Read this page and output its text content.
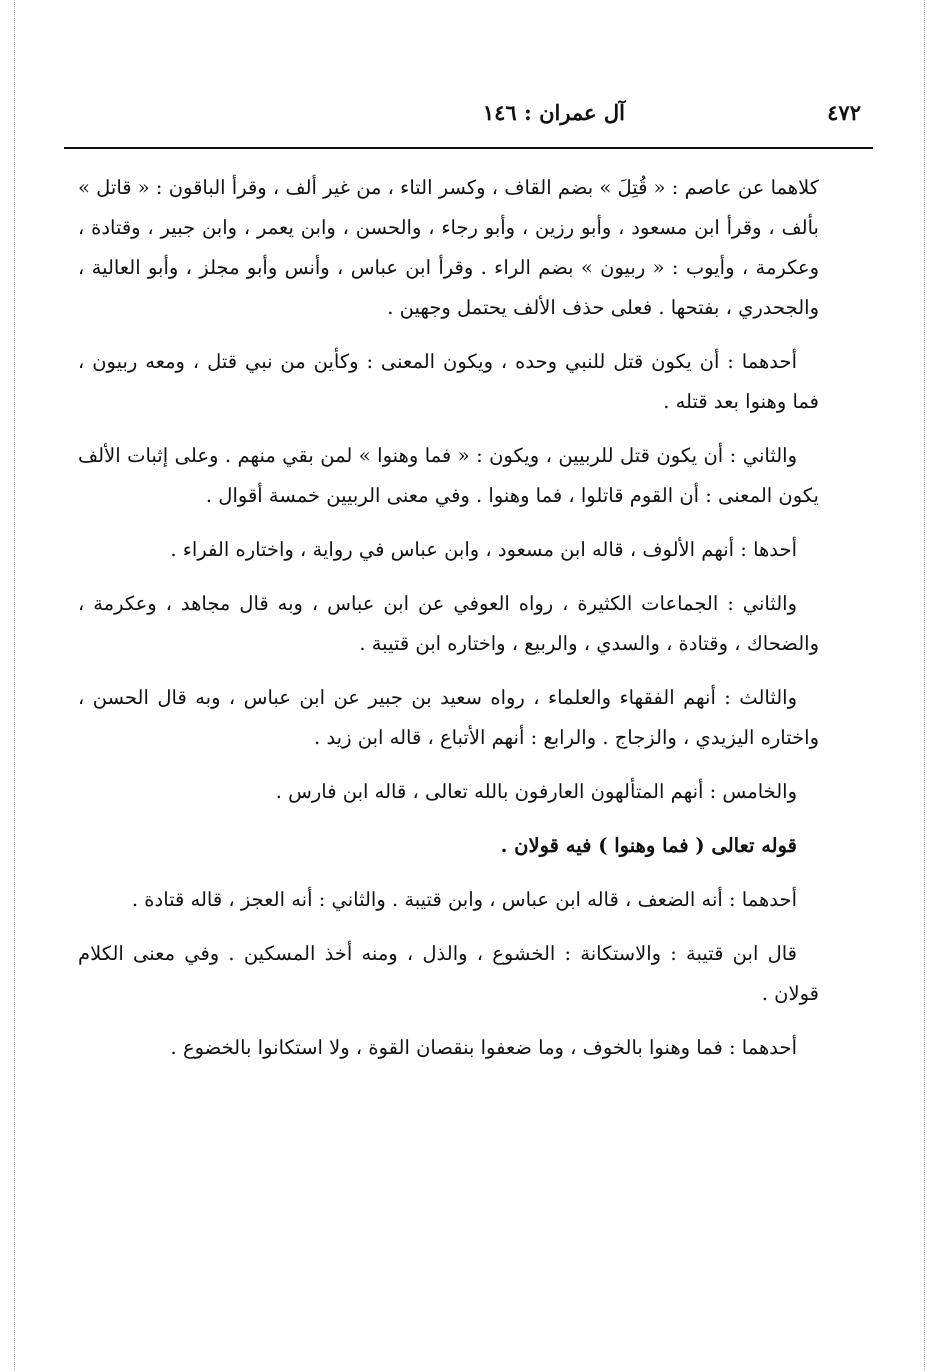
٤٧٢
آل عمران : ١٤٦

كلاهما عن عاصم : « قُتِلَ » بضم القاف ، وكسر التاء ، من غير ألف ، وقرأ الباقون : « قاتل » بألف ، وقرأ ابن مسعود ، وأبو رزين ، وأبو رجاء ، والحسن ، وابن يعمر ، وابن جبير ، وقتادة ، وعكرمة ، وأيوب : « ربيون » بضم الراء . وقرأ ابن عباس ، وأنس وأبو مجلز ، وأبو العالية ، والجحدري ، بفتحها . فعلى حذف الألف يحتمل وجهين .

أحدهما : أن يكون قتل للنبي وحده ، ويكون المعنى : وكأين من نبي قتل ، ومعه ربيون ، فما وهنوا بعد قتله .

والثاني : أن يكون قتل للربيين ، ويكون : « فما وهنوا » لمن بقي منهم . وعلى إثبات الألف يكون المعنى : أن القوم قاتلوا ، فما وهنوا . وفي معنى الربيين خمسة أقوال .

أحدها : أنهم الألوف ، قاله ابن مسعود ، وابن عباس في رواية ، واختاره الفراء .

والثاني : الجماعات الكثيرة ، رواه العوفي عن ابن عباس ، وبه قال مجاهد ، وعكرمة ، والضحاك ، وقتادة ، والسدي ، والربيع ، واختاره ابن قتيبة .

والثالث : أنهم الفقهاء والعلماء ، رواه سعيد بن جبير عن ابن عباس ، وبه قال الحسن ، واختاره اليزيدي ، والزجاج . والرابع : أنهم الأتباع ، قاله ابن زيد .

والخامس : أنهم المتألهون العارفون بالله تعالى ، قاله ابن فارس .

قوله تعالى ( فما وهنوا ) فيه قولان .

أحدهما : أنه الضعف ، قاله ابن عباس ، وابن قتيبة . والثاني : أنه العجز ، قاله قتادة .

قال ابن قتيبة : والاستكانة : الخشوع ، والذل ، ومنه أخذ المسكين . وفي معنى الكلام قولان .

أحدهما : فما وهنوا بالخوف ، وما ضعفوا بنقصان القوة ، ولا استكانوا بالخضوع .
